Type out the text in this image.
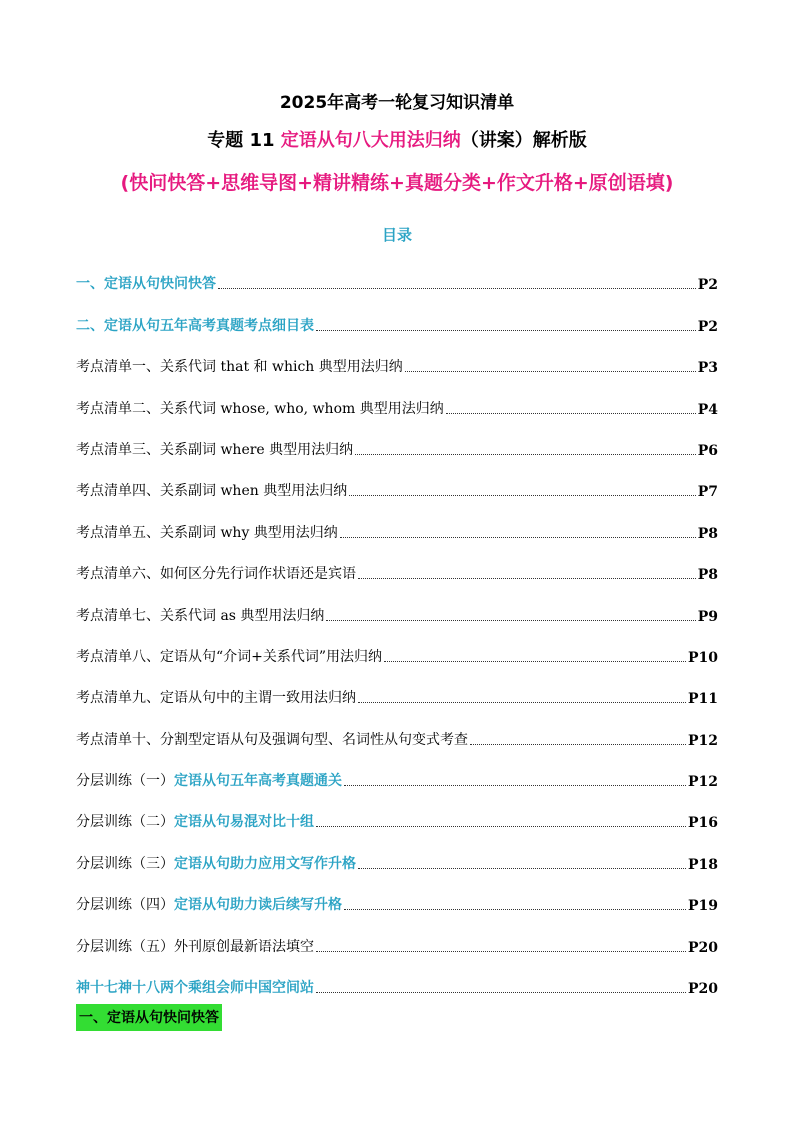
2025年高考一轮复习知识清单
专题 11 定语从句八大用法归纳（讲案）解析版
(快问快答+思维导图+精讲精练+真题分类+作文升格+原创语填)
目录
一、定语从句快问快答	P2
二、定语从句五年高考真题考点细目表	P2
考点清单一、关系代词 that 和 which 典型用法归纳	P3
考点清单二、关系代词 whose, who, whom 典型用法归纳	P4
考点清单三、关系副词 where 典型用法归纳	P6
考点清单四、关系副词 when 典型用法归纳	P7
考点清单五、关系副词 why 典型用法归纳	P8
考点清单六、如何区分先行词作状语还是宾语	P8
考点清单七、关系代词 as 典型用法归纳	P9
考点清单八、定语从句“介词+关系代词”用法归纳	P10
考点清单九、定语从句中的主谓一致用法归纳	P11
考点清单十、分割型定语从句及强调句型、名词性从句变式考查	P12
分层训练（一）定语从句五年高考真题通关	P12
分层训练（二）定语从句易混对比十组	P16
分层训练（三）定语从句助力应用文写作升格	P18
分层训练（四）定语从句助力读后续写升格	P19
分层训练（五）外刊原创最新语法填空	P20
神十七神十八两个乘组会师中国空间站	P20
一、定语从句快问快答
